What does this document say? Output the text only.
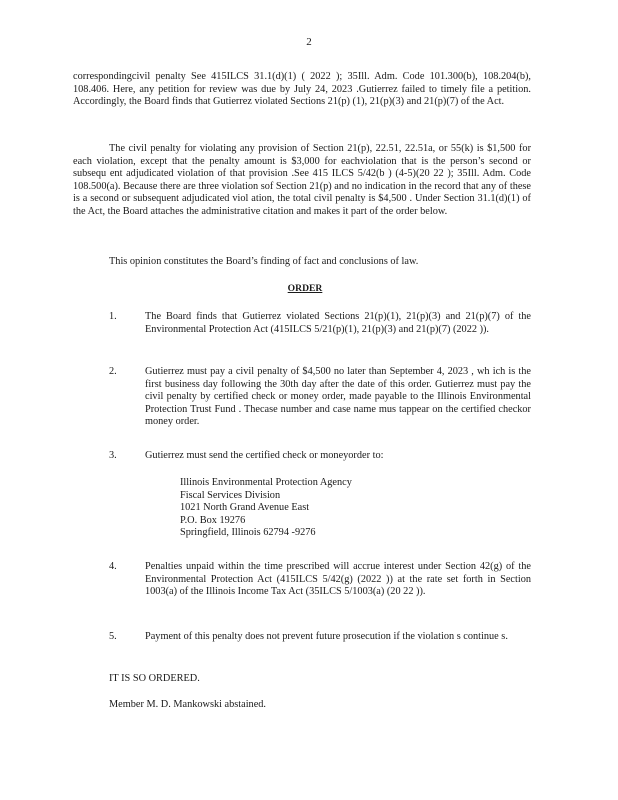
2

correspondingcivil penalty See 415ILCS 31.1(d)(1) ( 2022 ); 35Ill. Adm. Code 101.300(b), 108.204(b), 108.406. Here, any petition for review was due by July 24, 2023 .Gutierrez failed to timely file a petition. Accordingly, the Board finds that Gutierrez violated Sections 21(p) (1), 21(p)(3) and 21(p)(7) of the Act.

The civil penalty for violating any provision of Section 21(p), 22.51, 22.51a, or 55(k) is $1,500 for each violation, except that the penalty amount is $3,000 for eachviolation that is the person’s second or subsequ ent adjudicated violation of that provision .See 415 ILCS 5/42(b ) (4-5)(20 22 ); 35Ill. Adm. Code 108.500(a). Because there are three violation sof Section 21(p) and no indication in the record that any of these is a second or subsequent adjudicated viol ation, the total civil penalty is $4,500 . Under Section 31.1(d)(1) of the Act, the Board attaches the administrative citation and makes it part of the order below.

This opinion constitutes the Board’s finding of fact and conclusions of law.

ORDER
1.	The Board finds that Gutierrez violated Sections 21(p)(1), 21(p)(3) and 21(p)(7) of the Environmental Protection Act (415ILCS 5/21(p)(1), 21(p)(3) and 21(p)(7) (2022 )).
2.	Gutierrez must pay a civil penalty of $4,500 no later than September 4, 2023 , wh ich is the first business day following the 30th day after the date of this order. Gutierrez must pay the civil penalty by certified check or money order, made payable to the Illinois Environmental Protection Trust Fund . Thecase number and case name mus tappear on the certified checkor money order.
3.	Gutierrez must send the certified check or moneyorder to:
Illinois Environmental Protection Agency
Fiscal Services Division
1021 North Grand Avenue East
P.O. Box 19276
Springfield, Illinois 62794 -9276
4.	Penalties unpaid within the time prescribed will accrue interest under Section 42(g) of the Environmental Protection Act (415ILCS 5/42(g) (2022 )) at the rate set forth in Section 1003(a) of the Illinois Income Tax Act (35ILCS 5/1003(a) (20 22 )).
5.	Payment of this penalty does not prevent future prosecution if the violation s continue s.
IT IS SO ORDERED.
Member M. D. Mankowski abstained.
